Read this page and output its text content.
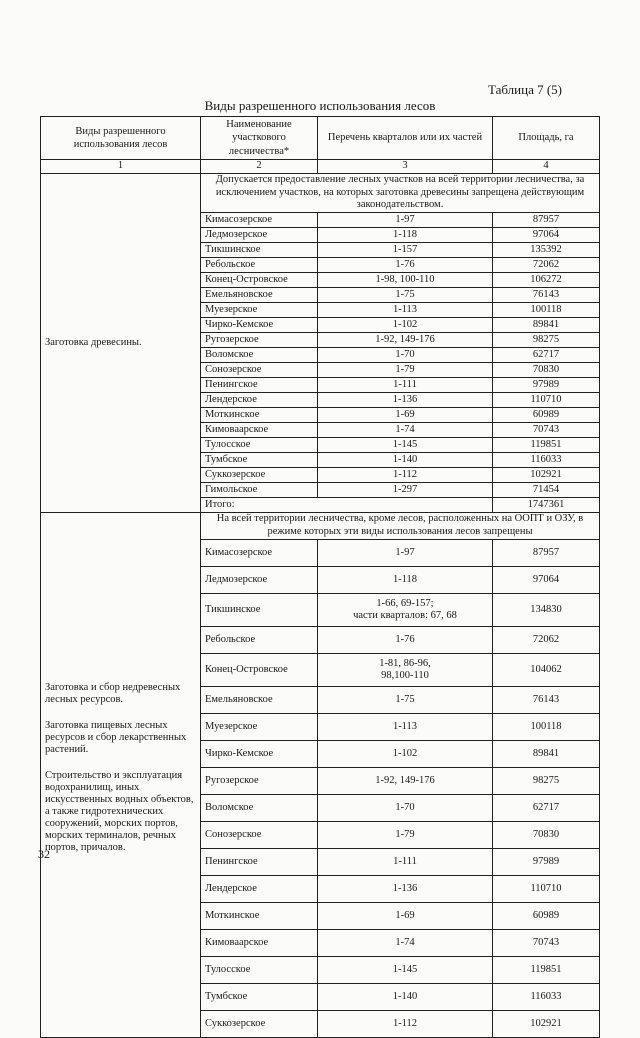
Таблица 7 (5)
Виды разрешенного использования лесов
Виды разрешенного использования лесов	Наименование участкового лесничества*	Перечень кварталов или их частей	Площадь, га
1	2	3	4
Заготовка древесины.	Допускается предоставление лесных участков на всей территории лесничества, за исключением участков, на которых заготовка древесины запрещена действующим законодательством.		
	Кимасозерское	1-97	87957
	Ледмозерское	1-118	97064
	Тикшинское	1-157	135392
	Ребольское	1-76	72062
	Конец-Островское	1-98, 100-110	106272
	Емельяновское	1-75	76143
	Муезерское	1-113	100118
	Чирко-Кемское	1-102	89841
	Ругозерское	1-92, 149-176	98275
	Воломское	1-70	62717
	Сонозерское	1-79	70830
	Пенингское	1-111	97989
	Лендерское	1-136	110710
	Моткинское	1-69	60989
	Кимоваарское	1-74	70743
	Тулосское	1-145	119851
	Тумбское	1-140	116033
	Суккозерское	1-112	102921
	Гимольское	1-297	71454
	Итого:		1747361

Заготовка и сбор недревесных лесных ресурсов.

Заготовка пищевых лесных ресурсов и сбор лекарственных растений.

Строительство и эксплуатация водохранилищ, иных искусственных водных объектов, а также гидротехнических сооружений, морских портов, морских терминалов, речных портов, причалов.	На всей территории лесничества, кроме лесов, расположенных на ООПТ и ОЗУ, в режиме которых эти виды использования лесов запрещены		
	Кимасозерское	1-97	87957
	Ледмозерское	1-118	97064
	Тикшинское	1-66, 69-157;
части кварталов: 67, 68	134830
	Ребольское	1-76	72062
	Конец-Островское	1-81, 86-96,
98,100-110	104062
	Емельяновское	1-75	76143
	Муезерское	1-113	100118
	Чирко-Кемское	1-102	89841
	Ругозерское	1-92, 149-176	98275
	Воломское	1-70	62717
	Сонозерское	1-79	70830
	Пенингское	1-111	97989
	Лендерское	1-136	110710
	Моткинское	1-69	60989
	Кимоваарское	1-74	70743
	Тулосское	1-145	119851
	Тумбское	1-140	116033
	Суккозерское	1-112	102921
32
